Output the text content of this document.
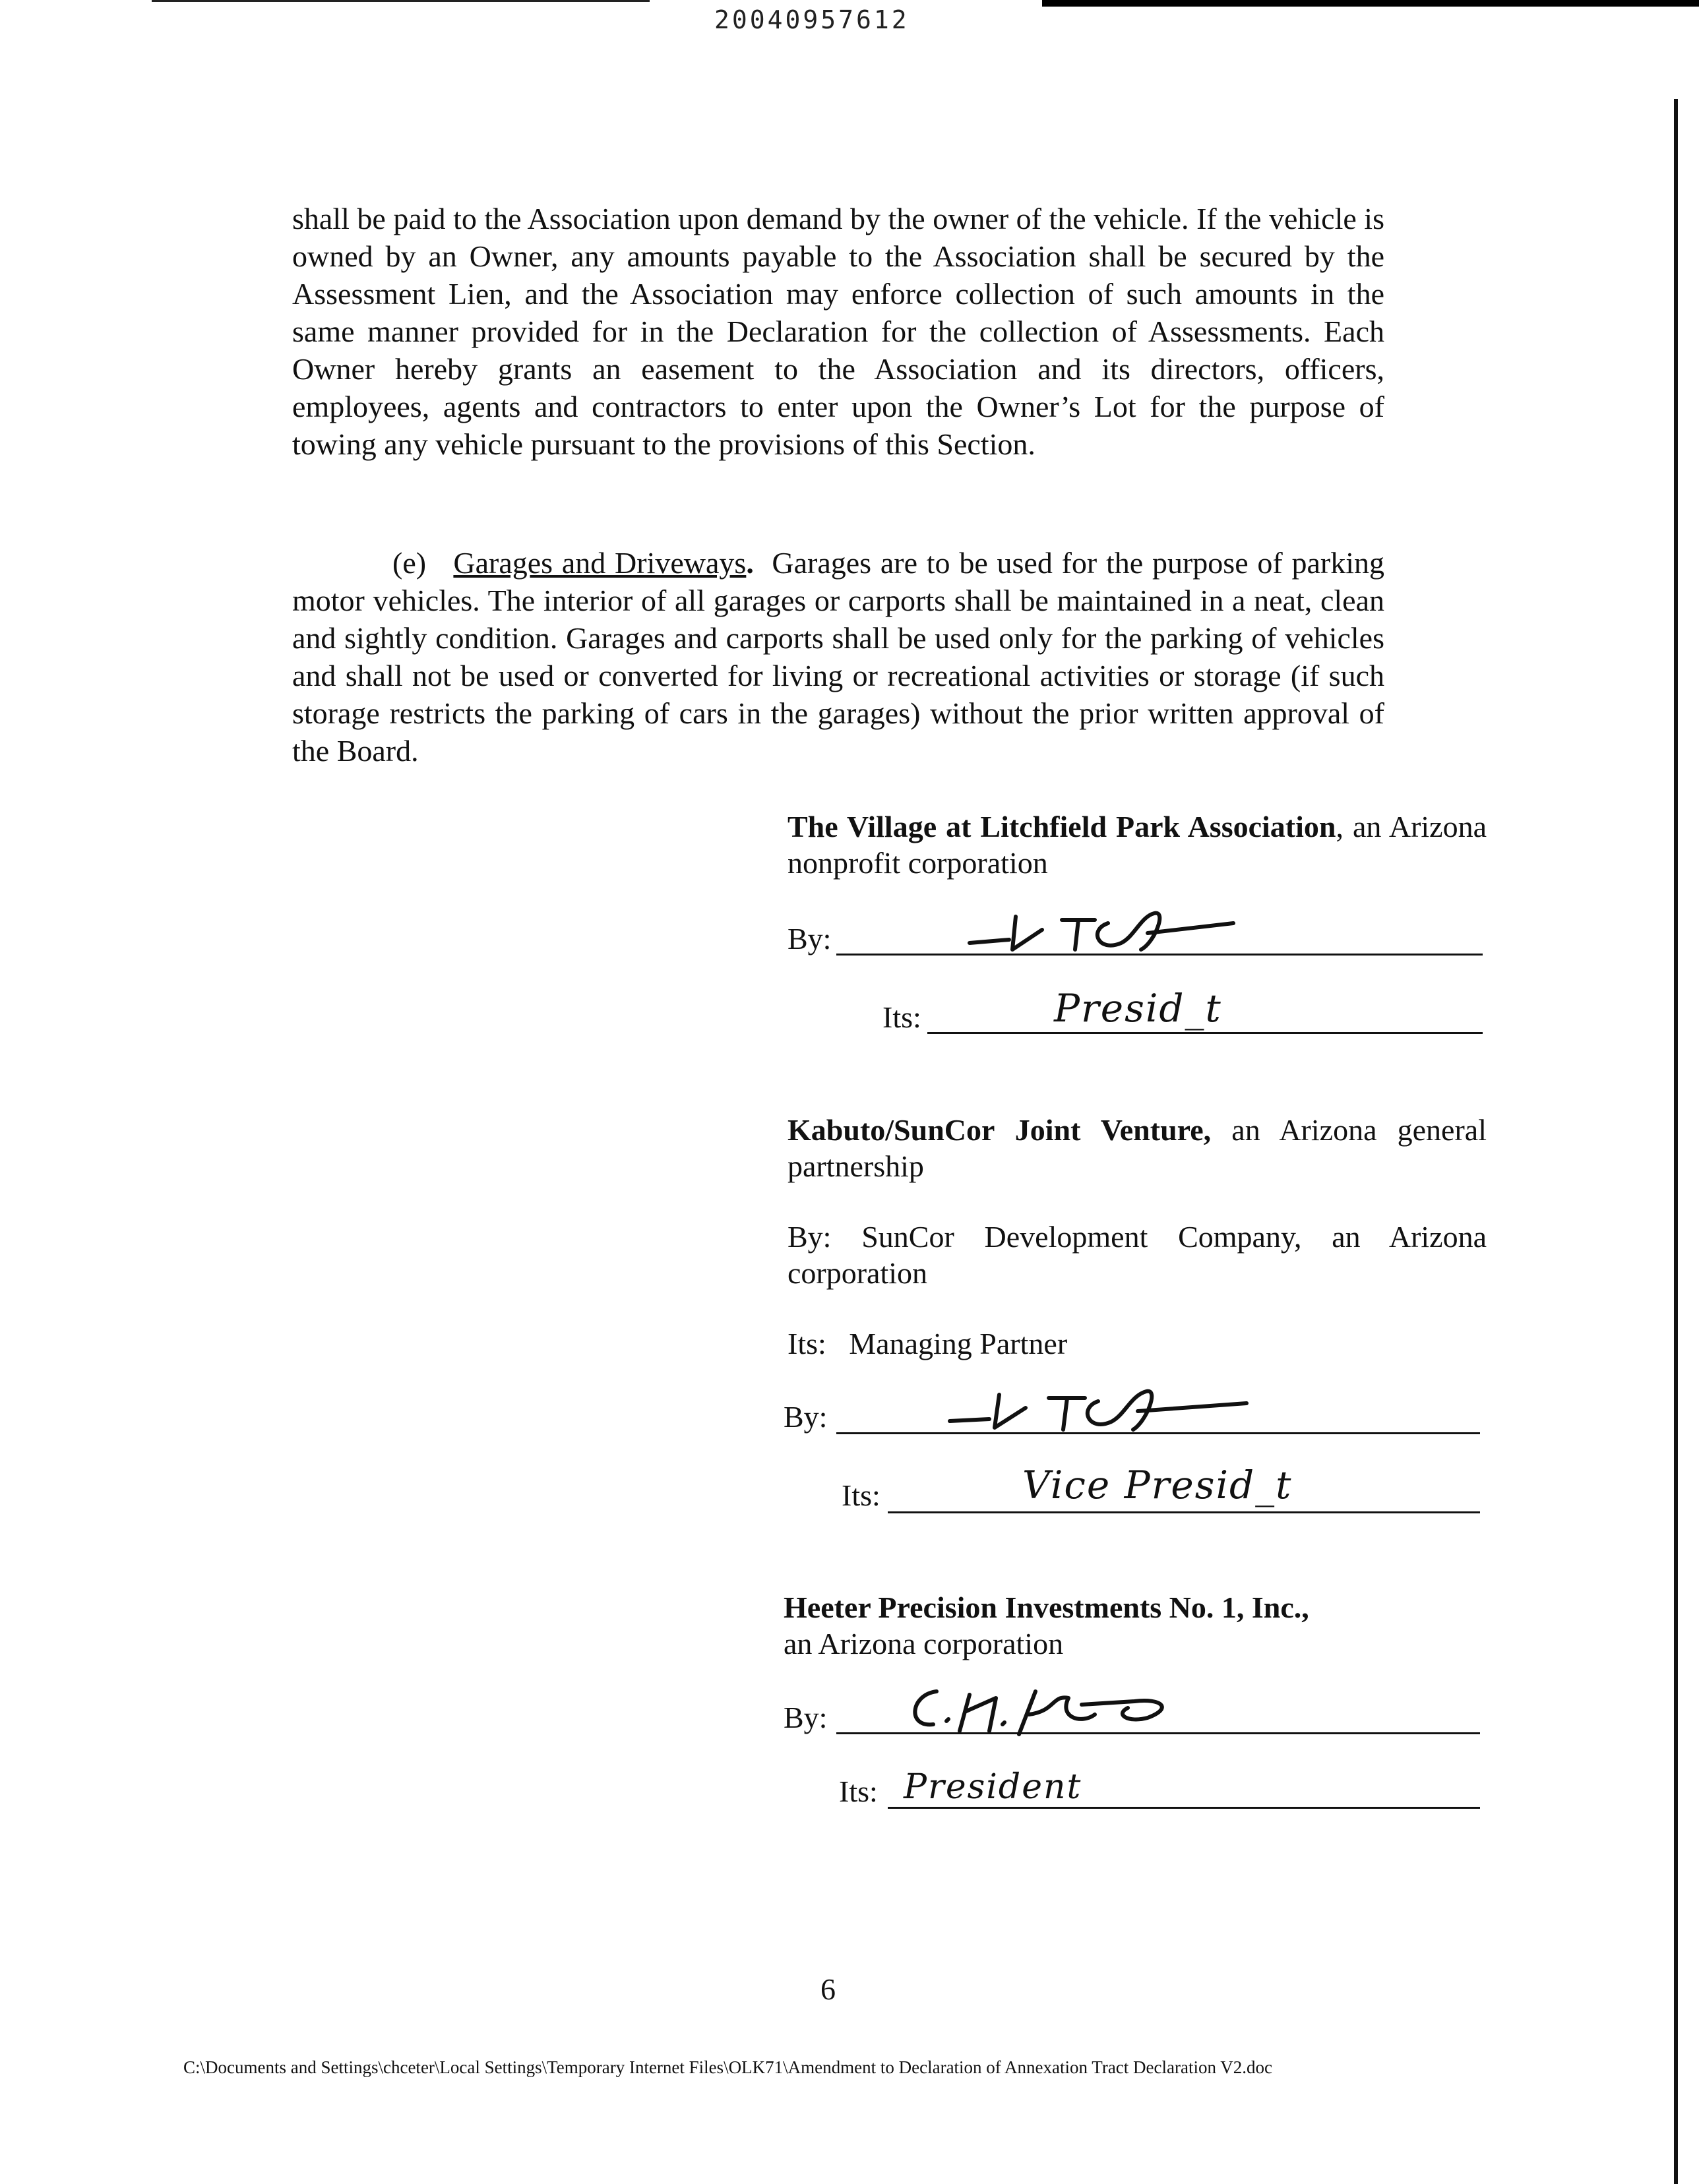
20040957612

shall be paid to the Association upon demand by the owner of the vehicle. If the vehicle is owned by an Owner, any amounts payable to the Association shall be secured by the Assessment Lien, and the Association may enforce collection of such amounts in the same manner provided for in the Declaration for the collection of Assessments. Each Owner hereby grants an easement to the Association and its directors, officers, employees, agents and contractors to enter upon the Owner’s Lot for the purpose of towing any vehicle pursuant to the provisions of this Section.

(e) Garages and Driveways. Garages are to be used for the purpose of parking motor vehicles. The interior of all garages or carports shall be maintained in a neat, clean and sightly condition. Garages and carports shall be used only for the parking of vehicles and shall not be used or converted for living or recreational activities or storage (if such storage restricts the parking of cars in the garages) without the prior written approval of the Board.

The Village at Litchfield Park Association, an Arizona nonprofit corporation

By:
Its:	Presid_t

Kabuto/SunCor Joint Venture, an Arizona general partnership

By: SunCor Development Company, an Arizona corporation

Its: Managing Partner

By:
Its:	Vice Presid_t

Heeter Precision Investments No. 1, Inc.,

an Arizona corporation

By:
Its: President
6
C:\Documents and Settings\chceter\Local Settings\Temporary Internet Files\OLK71\Amendment to Declaration of Annexation Tract Declaration V2.doc
